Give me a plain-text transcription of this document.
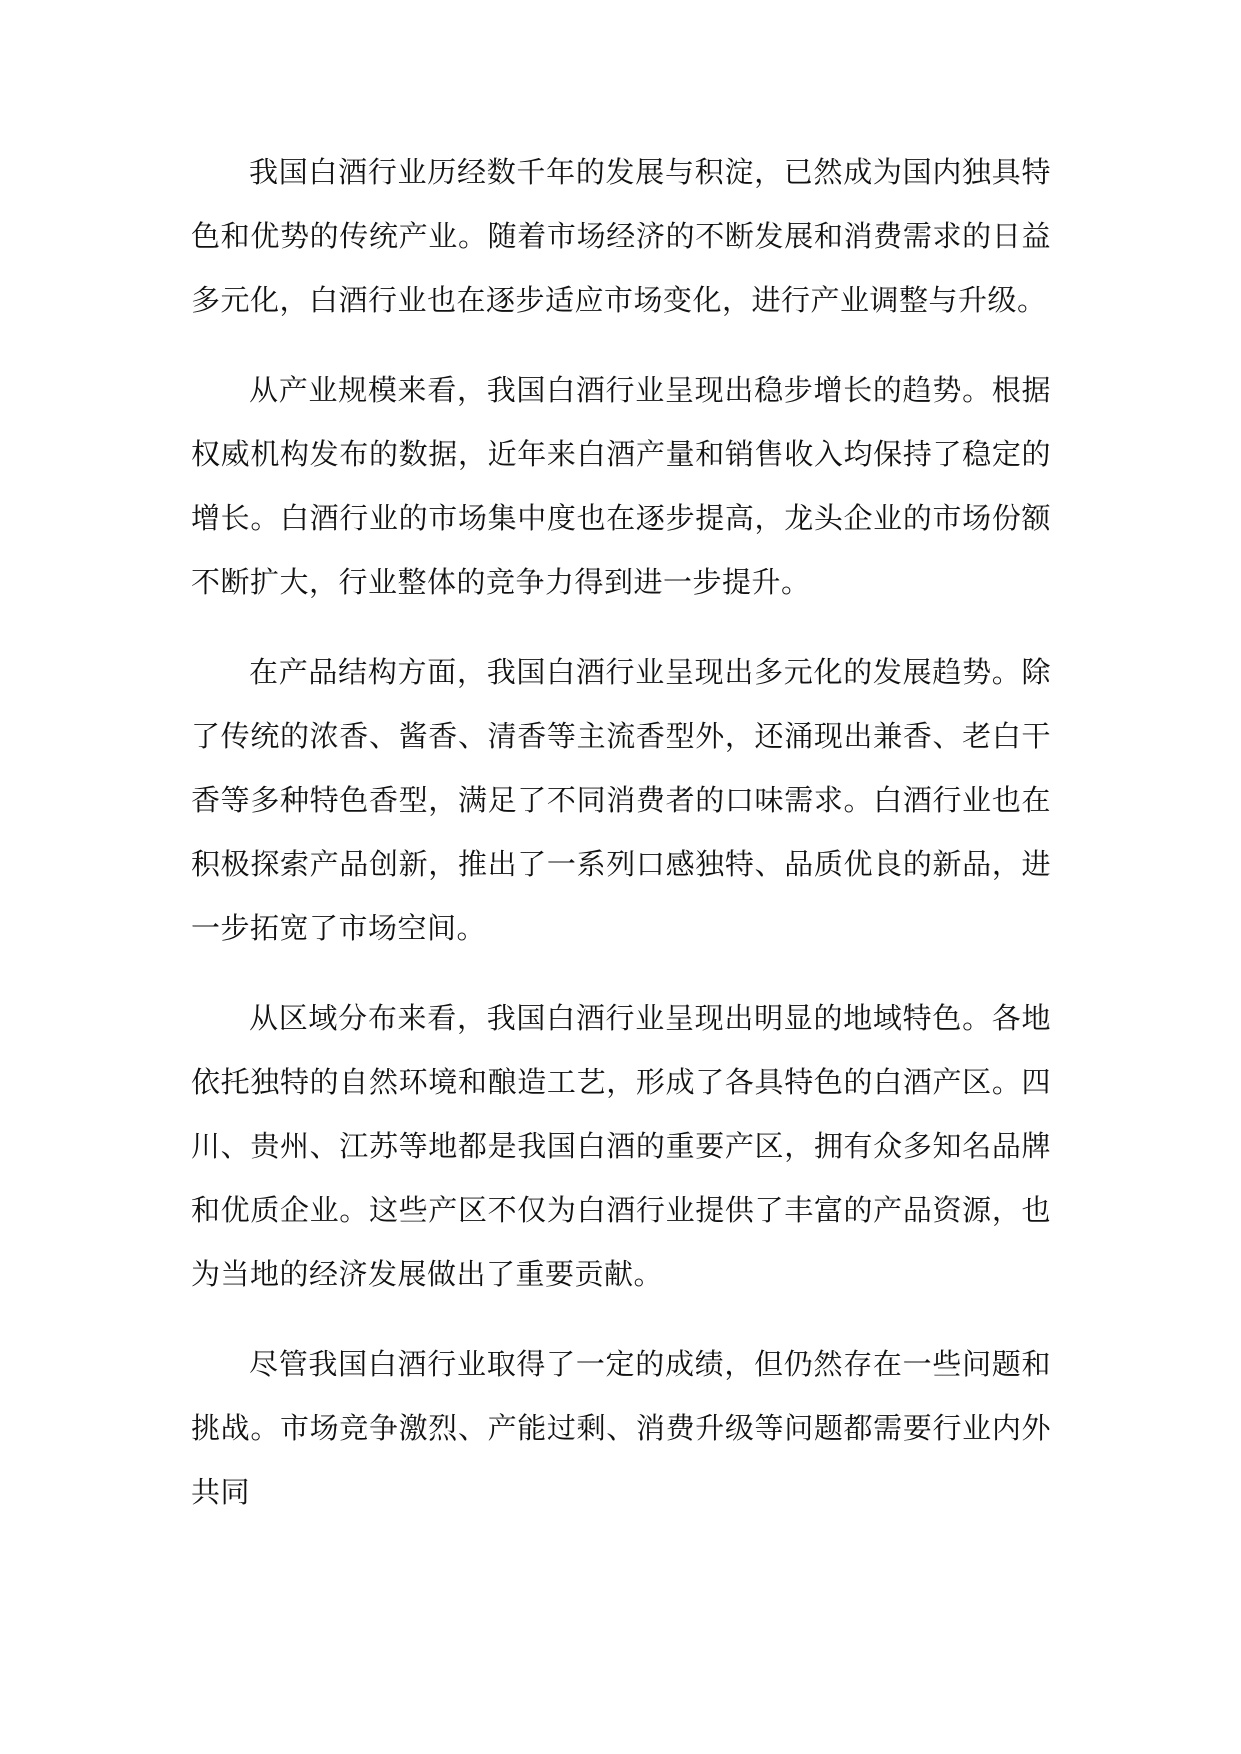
我国白酒行业历经数千年的发展与积淀，已然成为国内独具特色和优势的传统产业。随着市场经济的不断发展和消费需求的日益多元化，白酒行业也在逐步适应市场变化，进行产业调整与升级。

从产业规模来看，我国白酒行业呈现出稳步增长的趋势。根据权威机构发布的数据，近年来白酒产量和销售收入均保持了稳定的增长。白酒行业的市场集中度也在逐步提高，龙头企业的市场份额不断扩大，行业整体的竞争力得到进一步提升。

在产品结构方面，我国白酒行业呈现出多元化的发展趋势。除了传统的浓香、酱香、清香等主流香型外，还涌现出兼香、老白干香等多种特色香型，满足了不同消费者的口味需求。白酒行业也在积极探索产品创新，推出了一系列口感独特、品质优良的新品，进一步拓宽了市场空间。

从区域分布来看，我国白酒行业呈现出明显的地域特色。各地依托独特的自然环境和酿造工艺，形成了各具特色的白酒产区。四川、贵州、江苏等地都是我国白酒的重要产区，拥有众多知名品牌和优质企业。这些产区不仅为白酒行业提供了丰富的产品资源，也为当地的经济发展做出了重要贡献。

尽管我国白酒行业取得了一定的成绩，但仍然存在一些问题和挑战。市场竞争激烈、产能过剩、消费升级等问题都需要行业内外共同
